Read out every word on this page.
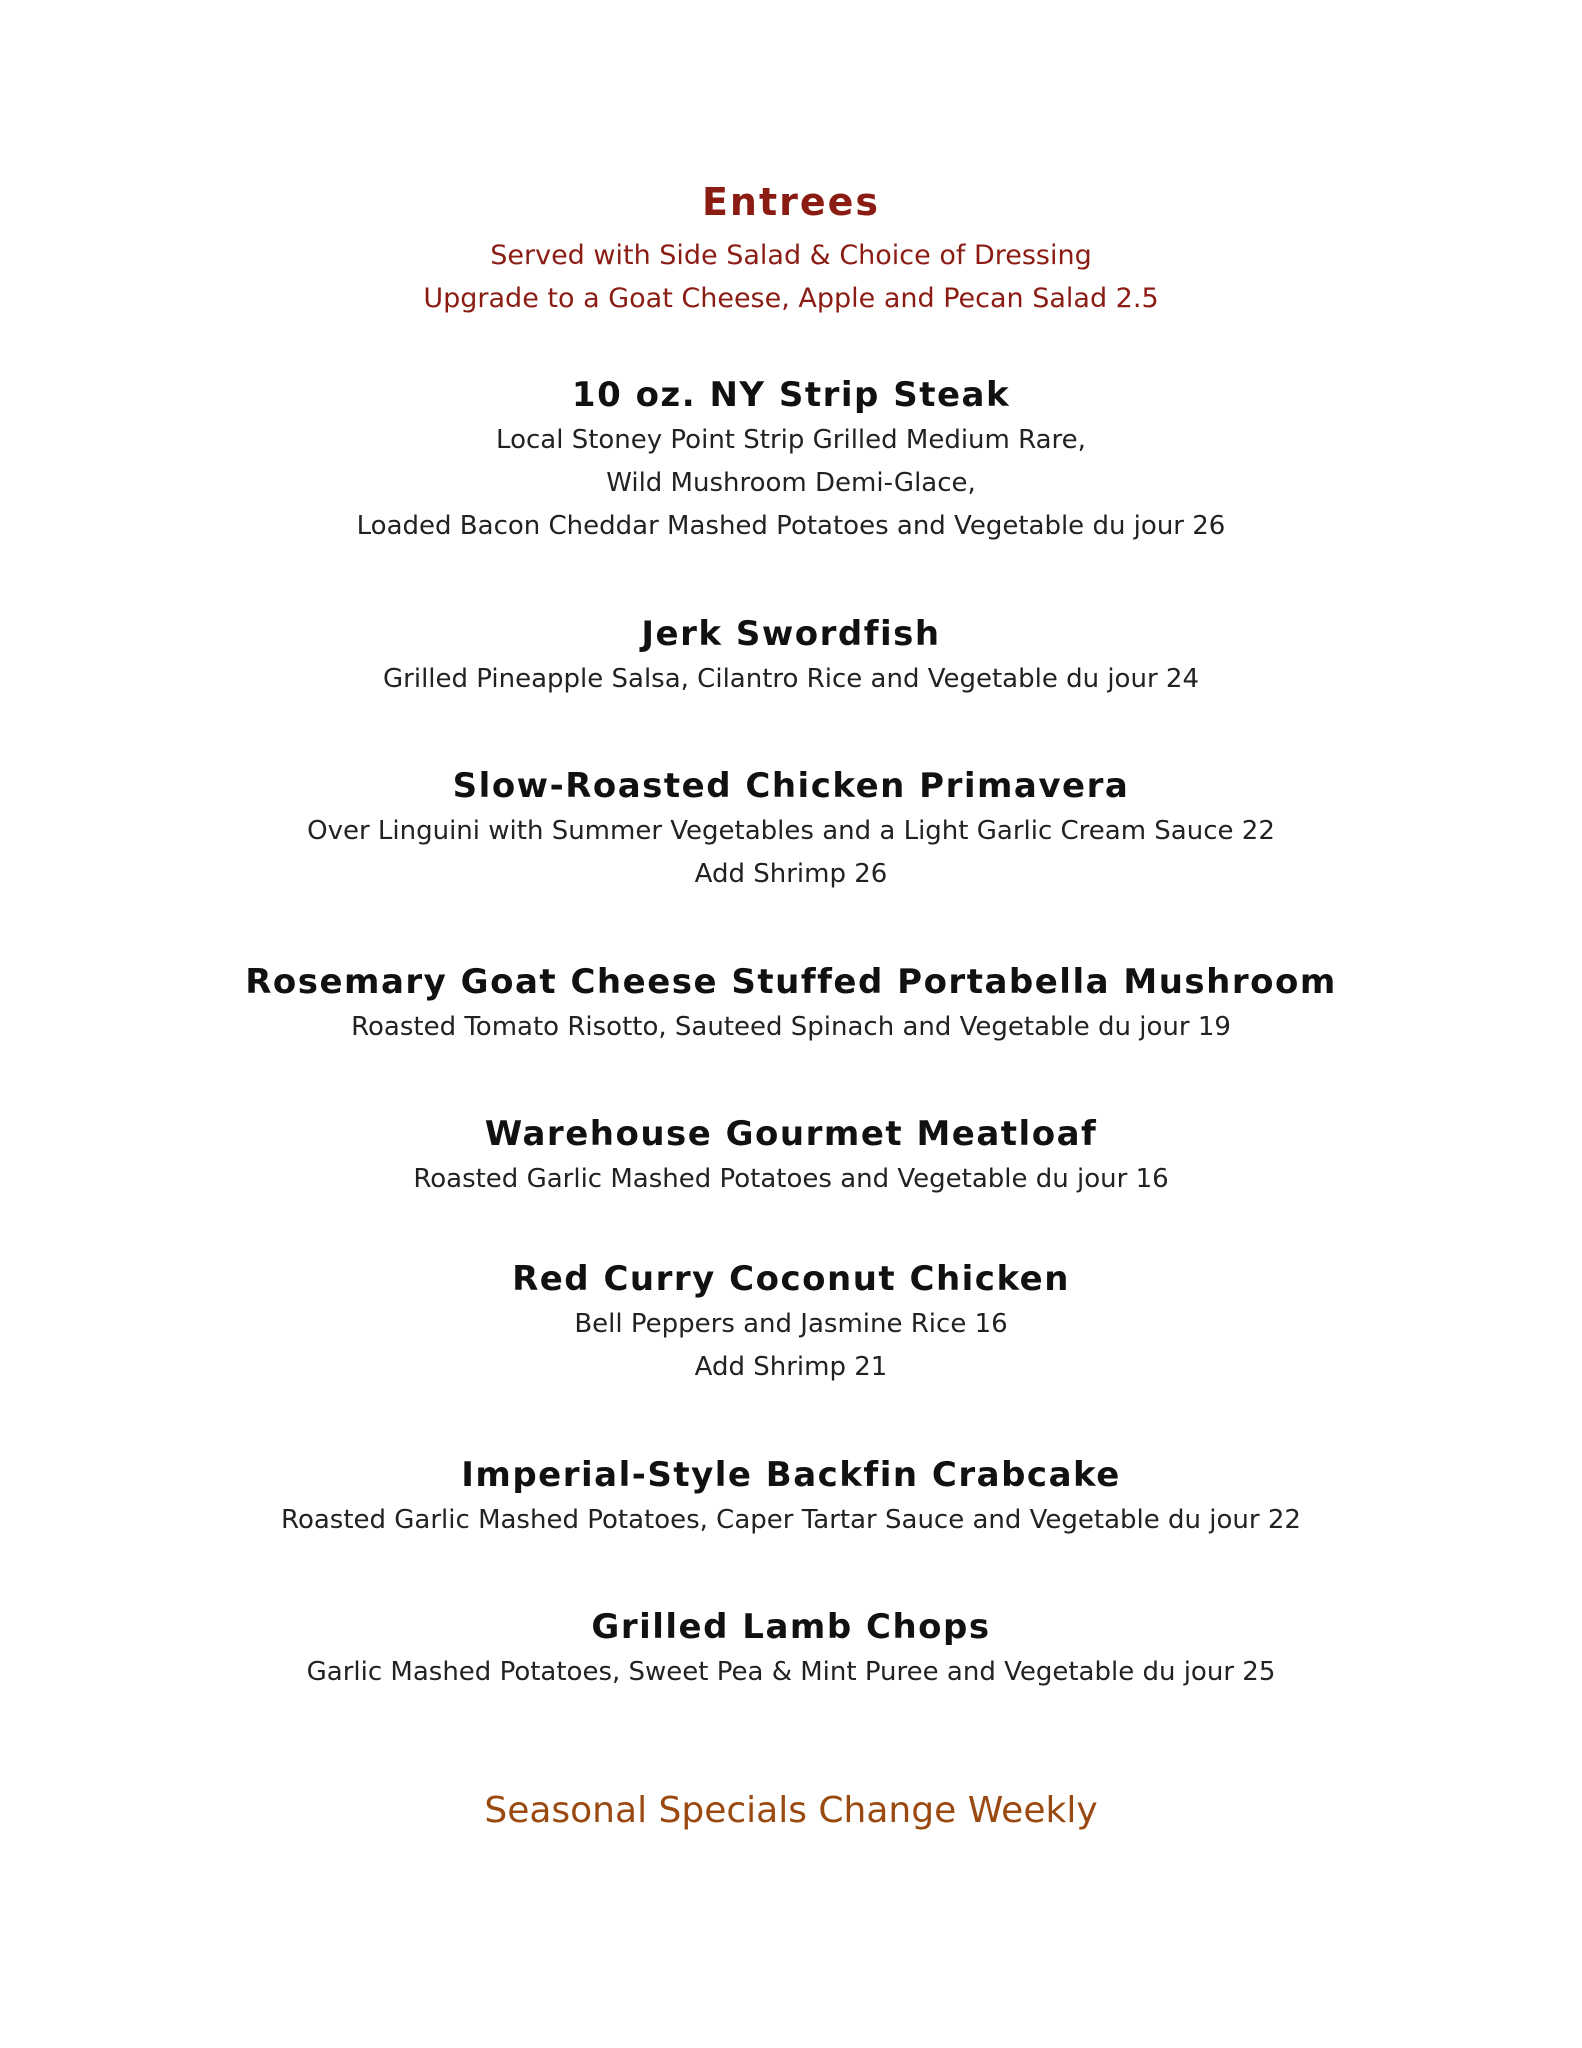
Entrees
Served with Side Salad & Choice of Dressing
Upgrade to a Goat Cheese, Apple and Pecan Salad 2.5
10 oz. NY Strip Steak
Local Stoney Point Strip Grilled Medium Rare,
Wild Mushroom Demi-Glace,
Loaded Bacon Cheddar Mashed Potatoes and Vegetable du jour 26
Jerk Swordfish
Grilled Pineapple Salsa, Cilantro Rice and Vegetable du jour 24
Slow-Roasted Chicken Primavera
Over Linguini with Summer Vegetables and a Light Garlic Cream Sauce 22
Add Shrimp 26
Rosemary Goat Cheese Stuffed Portabella Mushroom
Roasted Tomato Risotto, Sauteed Spinach and Vegetable du jour 19
Warehouse Gourmet Meatloaf
Roasted Garlic Mashed Potatoes and Vegetable du jour 16
Red Curry Coconut Chicken
Bell Peppers and Jasmine Rice 16
Add Shrimp 21
Imperial-Style Backfin Crabcake
Roasted Garlic Mashed Potatoes, Caper Tartar Sauce and Vegetable du jour 22
Grilled Lamb Chops
Garlic Mashed Potatoes, Sweet Pea & Mint Puree and Vegetable du jour 25
Seasonal Specials Change Weekly
